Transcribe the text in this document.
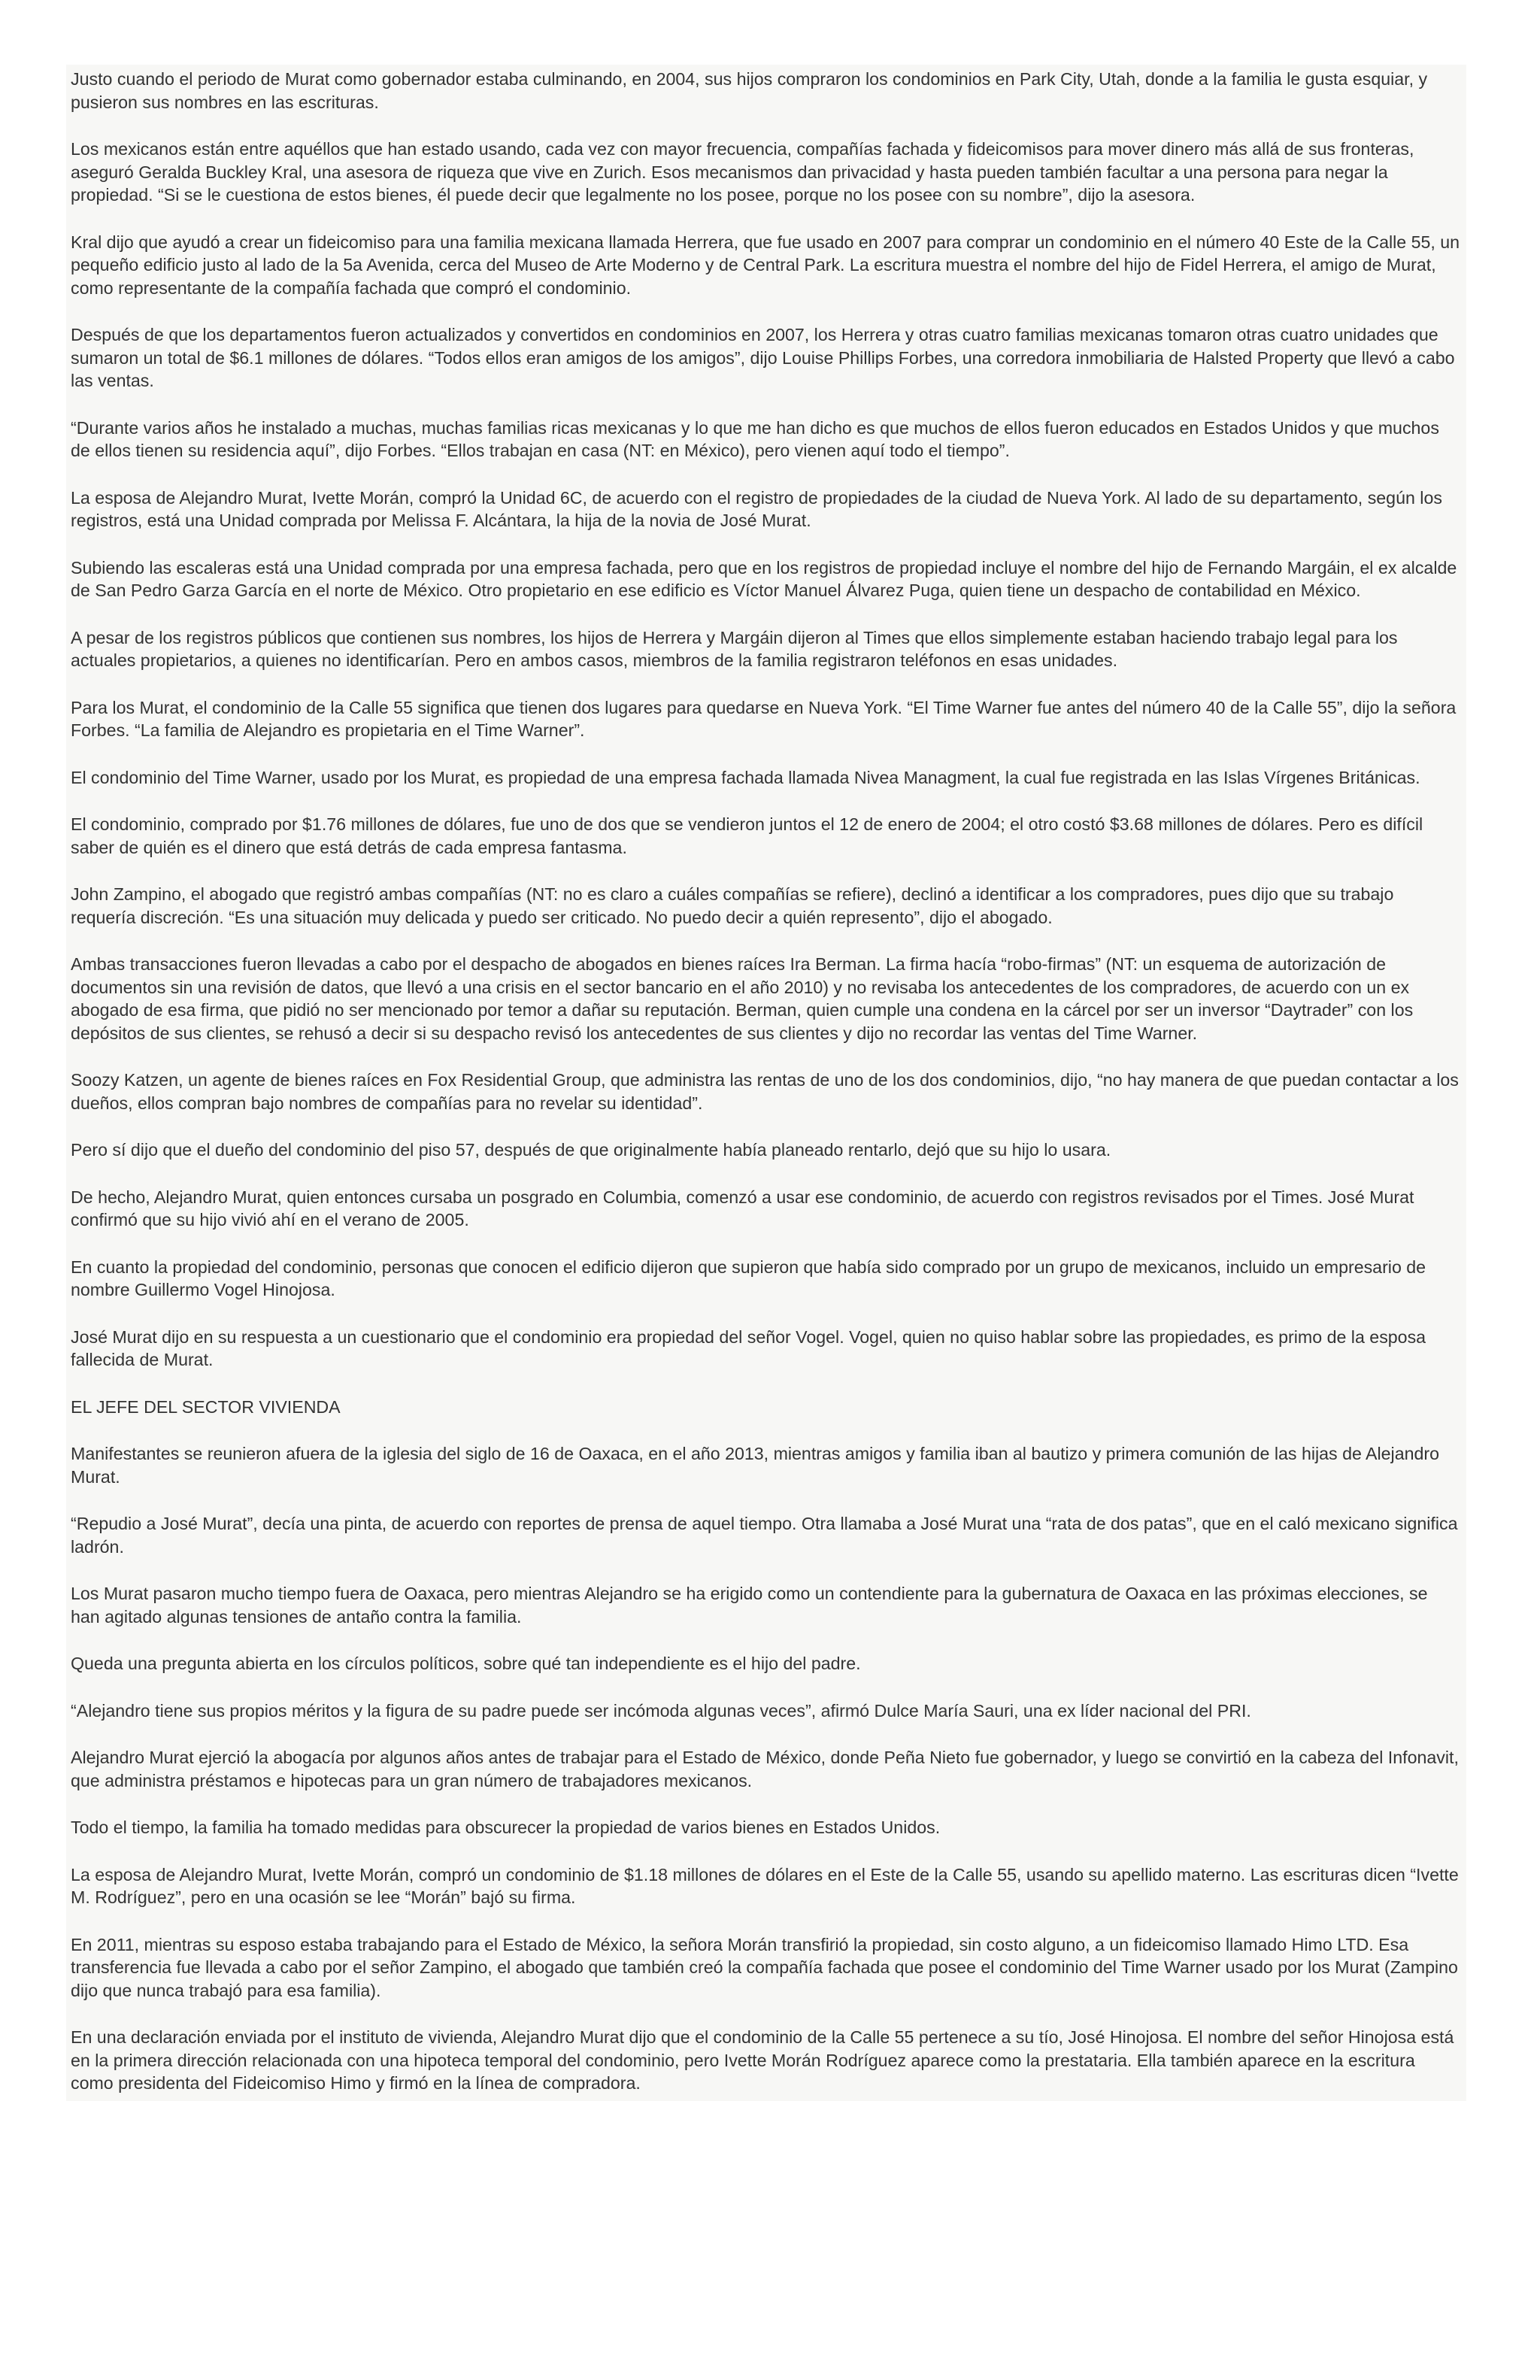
Justo cuando el periodo de Murat como gobernador estaba culminando, en 2004, sus hijos compraron los condominios en Park City, Utah, donde a la familia le gusta esquiar, y pusieron sus nombres en las escrituras.

Los mexicanos están entre aquéllos que han estado usando, cada vez con mayor frecuencia, compañías fachada y fideicomisos para mover dinero más allá de sus fronteras, aseguró Geralda Buckley Kral, una asesora de riqueza que vive en Zurich. Esos mecanismos dan privacidad y hasta pueden también facultar a una persona para negar la propiedad. “Si se le cuestiona de estos bienes, él puede decir que legalmente no los posee, porque no los posee con su nombre”, dijo la asesora.

Kral dijo que ayudó a crear un fideicomiso para una familia mexicana llamada Herrera, que fue usado en 2007 para comprar un condominio en el número 40 Este de la Calle 55, un pequeño edificio justo al lado de la 5a Avenida, cerca del Museo de Arte Moderno y de Central Park. La escritura muestra el nombre del hijo de Fidel Herrera, el amigo de Murat, como representante de la compañía fachada que compró el condominio.

Después de que los departamentos fueron actualizados y convertidos en condominios en 2007, los Herrera y otras cuatro familias mexicanas tomaron otras cuatro unidades que sumaron un total de $6.1 millones de dólares. “Todos ellos eran amigos de los amigos”, dijo Louise Phillips Forbes, una corredora inmobiliaria de Halsted Property que llevó a cabo las ventas.

“Durante varios años he instalado a muchas, muchas familias ricas mexicanas y lo que me han dicho es que muchos de ellos fueron educados en Estados Unidos y que muchos de ellos tienen su residencia aquí”, dijo Forbes. “Ellos trabajan en casa (NT: en México), pero vienen aquí todo el tiempo”.

La esposa de Alejandro Murat, Ivette Morán, compró la Unidad 6C, de acuerdo con el registro de propiedades de la ciudad de Nueva York. Al lado de su departamento, según los registros, está una Unidad comprada por Melissa F. Alcántara, la hija de la novia de José Murat.

Subiendo las escaleras está una Unidad comprada por una empresa fachada, pero que en los registros de propiedad incluye el nombre del hijo de Fernando Margáin, el ex alcalde de San Pedro Garza García en el norte de México. Otro propietario en ese edificio es Víctor Manuel Álvarez Puga, quien tiene un despacho de contabilidad en México.

A pesar de los registros públicos que contienen sus nombres, los hijos de Herrera y Margáin dijeron al Times que ellos simplemente estaban haciendo trabajo legal para los actuales propietarios, a quienes no identificarían. Pero en ambos casos, miembros de la familia registraron teléfonos en esas unidades.

Para los Murat, el condominio de la Calle 55 significa que tienen dos lugares para quedarse en Nueva York. “El Time Warner fue antes del número 40 de la Calle 55”, dijo la señora Forbes. “La familia de Alejandro es propietaria en el Time Warner”.

El condominio del Time Warner, usado por los Murat, es propiedad de una empresa fachada llamada Nivea Managment, la cual fue registrada en las Islas Vírgenes Británicas.

El condominio, comprado por $1.76 millones de dólares, fue uno de dos que se vendieron juntos el 12 de enero de 2004; el otro costó $3.68 millones de dólares. Pero es difícil saber de quién es el dinero que está detrás de cada empresa fantasma.

John Zampino, el abogado que registró ambas compañías (NT: no es claro a cuáles compañías se refiere), declinó a identificar a los compradores, pues dijo que su trabajo requería discreción. “Es una situación muy delicada y puedo ser criticado. No puedo decir a quién represento”, dijo el abogado.

Ambas transacciones fueron llevadas a cabo por el despacho de abogados en bienes raíces Ira Berman. La firma hacía “robo-firmas” (NT: un esquema de autorización de documentos sin una revisión de datos, que llevó a una crisis en el sector bancario en el año 2010) y no revisaba los antecedentes de los compradores, de acuerdo con un ex abogado de esa firma, que pidió no ser mencionado por temor a dañar su reputación. Berman, quien cumple una condena en la cárcel por ser un inversor “Daytrader” con los depósitos de sus clientes, se rehusó a decir si su despacho revisó los antecedentes de sus clientes y dijo no recordar las ventas del Time Warner.

Soozy Katzen, un agente de bienes raíces en Fox Residential Group, que administra las rentas de uno de los dos condominios, dijo, “no hay manera de que puedan contactar a los dueños, ellos compran bajo nombres de compañías para no revelar su identidad”.

Pero sí dijo que el dueño del condominio del piso 57, después de que originalmente había planeado rentarlo, dejó que su hijo lo usara.

De hecho, Alejandro Murat, quien entonces cursaba un posgrado en Columbia, comenzó a usar ese condominio, de acuerdo con registros revisados por el Times. José Murat confirmó que su hijo vivió ahí en el verano de 2005.

En cuanto la propiedad del condominio, personas que conocen el edificio dijeron que supieron que había sido comprado por un grupo de mexicanos, incluido un empresario de nombre Guillermo Vogel Hinojosa.

José Murat dijo en su respuesta a un cuestionario que el condominio era propiedad del señor Vogel. Vogel, quien no quiso hablar sobre las propiedades, es primo de la esposa fallecida de Murat.

EL JEFE DEL SECTOR VIVIENDA

Manifestantes se reunieron afuera de la iglesia del siglo de 16 de Oaxaca, en el año 2013, mientras amigos y familia iban al bautizo y primera comunión de las hijas de Alejandro Murat.

“Repudio a José Murat”, decía una pinta, de acuerdo con reportes de prensa de aquel tiempo. Otra llamaba a José Murat una “rata de dos patas”, que en el caló mexicano significa ladrón.

Los Murat pasaron mucho tiempo fuera de Oaxaca, pero mientras Alejandro se ha erigido como un contendiente para la gubernatura de Oaxaca en las próximas elecciones, se han agitado algunas tensiones de antaño contra la familia.

Queda una pregunta abierta en los círculos políticos, sobre qué tan independiente es el hijo del padre.

“Alejandro tiene sus propios méritos y la figura de su padre puede ser incómoda algunas veces”, afirmó Dulce María Sauri, una ex líder nacional del PRI.

Alejandro Murat ejerció la abogacía por algunos años antes de trabajar para el Estado de México, donde Peña Nieto fue gobernador, y luego se convirtió en la cabeza del Infonavit, que administra préstamos e hipotecas para un gran número de trabajadores mexicanos.

Todo el tiempo, la familia ha tomado medidas para obscurecer la propiedad de varios bienes en Estados Unidos.

La esposa de Alejandro Murat, Ivette Morán, compró un condominio de $1.18 millones de dólares en el Este de la Calle 55, usando su apellido materno. Las escrituras dicen “Ivette M. Rodríguez”, pero en una ocasión se lee “Morán” bajó su firma.

En 2011, mientras su esposo estaba trabajando para el Estado de México, la señora Morán transfirió la propiedad, sin costo alguno, a un fideicomiso llamado Himo LTD. Esa transferencia fue llevada a cabo por el señor Zampino, el abogado que también creó la compañía fachada que posee el condominio del Time Warner usado por los Murat (Zampino dijo que nunca trabajó para esa familia).

En una declaración enviada por el instituto de vivienda, Alejandro Murat dijo que el condominio de la Calle 55 pertenece a su tío, José Hinojosa. El nombre del señor Hinojosa está en la primera dirección relacionada con una hipoteca temporal del condominio, pero Ivette Morán Rodríguez aparece como la prestataria. Ella también aparece en la escritura como presidenta del Fideicomiso Himo y firmó en la línea de compradora.
